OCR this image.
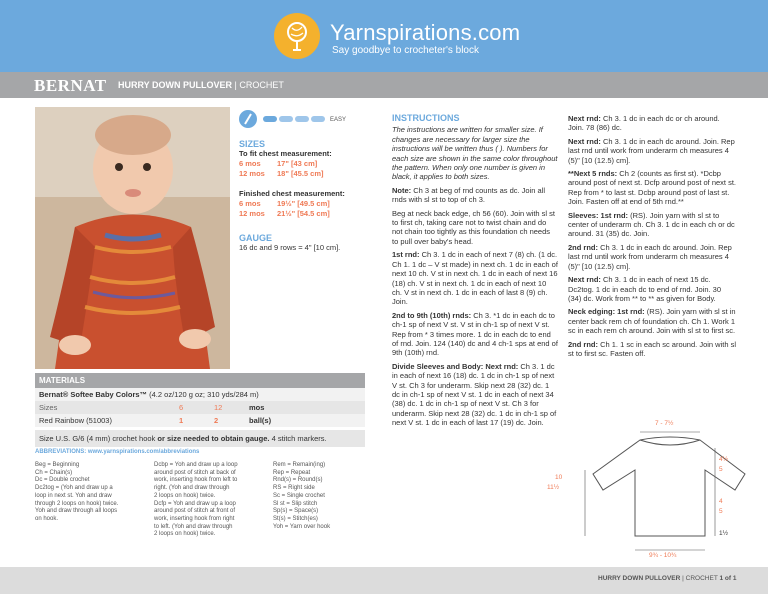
Yarnspirations.com
Say goodbye to crocheter's block
BERNAT HURRY DOWN PULLOVER | CROCHET
EASY
SIZES
To fit chest measurement:
6 mos 17" [43 cm]
12 mos 18" [45.5 cm]
Finished chest measurement:
6 mos 19½" [49.5 cm]
12 mos 21½" [54.5 cm]
GAUGE
16 dc and 9 rows = 4" [10 cm].
MATERIALS
Bernat® Softee Baby Colors™ (4.2 oz/120 g oz; 310 yds/284 m)
Sizes	6	12	mos
Red Rainbow (51003)	1	2	ball(s)
Size U.S. G/6 (4 mm) crochet hook or size needed to obtain gauge. 4 stitch markers.
ABBREVIATIONS: www.yarnspirations.com/abbreviations
Beg = Beginning
Ch = Chain(s)
Dc = Double crochet
Dc2tog = (Yoh and draw up a
loop in next st. Yoh and draw
through 2 loops on hook) twice.
Yoh and draw through all loops
on hook.
Dcbp = Yoh and draw up a loop
around post of stitch at back of
work, inserting hook from left to
right. (Yoh and draw through
2 loops on hook) twice.
Dcfp = Yoh and draw up a loop
around post of stitch at front of
work, inserting hook from right
to left. (Yoh and draw through
2 loops on hook) twice.
Rem = Remain(ing)
Rep = Repeat
Rnd(s) = Round(s)
RS = Right side
Sc = Single crochet
Sl st = Slip stitch
Sp(s) = Space(s)
St(s) = Stitch(es)
Yoh = Yarn over hook
INSTRUCTIONS

The instructions are written for smaller size. If changes are necessary for larger size the instructions will be written thus ( ). Numbers for each size are shown in the same color throughout the pattern. When only one number is given in black, it applies to both sizes.

Note: Ch 3 at beg of rnd counts as dc. Join all rnds with sl st to top of ch 3.

Beg at neck back edge, ch 56 (60). Join with sl st to first ch, taking care not to twist chain and do not chain too tightly as this foundation ch needs to pull over baby's head.

1st rnd: Ch 3. 1 dc in each of next 7 (8) ch. (1 dc. Ch 1. 1 dc – V st made) in next ch. 1 dc in each of next 10 ch. V st in next ch. 1 dc in each of next 16 (18) ch. V st in next ch. 1 dc in each of next 10 ch. V st in next ch. 1 dc in each of last 8 (9) ch. Join.

2nd to 9th (10th) rnds: Ch 3. *1 dc in each dc to ch-1 sp of next V st. V st in ch-1 sp of next V st. Rep from * 3 times more. 1 dc in each dc to end of rnd. Join. 124 (140) dc and 4 ch-1 sps at end of 9th (10th) rnd.

Divide Sleeves and Body: Next rnd: Ch 3. 1 dc in each of next 16 (18) dc. 1 dc in ch-1 sp of next V st. Ch 3 for underarm. Skip next 28 (32) dc. 1 dc in ch-1 sp of next V st. 1 dc in each of next 34 (38) dc. 1 dc in ch-1 sp of next V st. Ch 3 for underarm. Skip next 28 (32) dc. 1 dc in ch-1 sp of next V st. 1 dc in each of last 17 (19) dc. Join.

Next rnd: Ch 3. 1 dc in each dc or ch around. Join. 78 (86) dc.

Next rnd: Ch 3. 1 dc in each dc around. Join. Rep last rnd until work from underarm ch measures 4 (5)" [10 (12.5) cm].

**Next 5 rnds: Ch 2 (counts as first st). *Dcbp around post of next st. Dcfp around post of next st. Rep from * to last st. Dcbp around post of last st. Join. Fasten off at end of 5th rnd.**

Sleeves: 1st rnd: (RS). Join yarn with sl st to center of underarm ch. Ch 3. 1 dc in each ch or dc around. 31 (35) dc. Join.

2nd rnd: Ch 3. 1 dc in each dc around. Join. Rep last rnd until work from underarm ch measures 4 (5)" [10 (12.5) cm].

Next rnd: Ch 3. 1 dc in each of next 15 dc. Dc2tog. 1 dc in each dc to end of rnd. Join. 30 (34) dc. Work from ** to ** as given for Body.

Neck edging: 1st rnd: (RS). Join yarn with sl st in center back rem ch of foundation ch. Ch 1. Work 1 sc in each rem ch around. Join with sl st to first sc.

2nd rnd: Ch 1. 1 sc in each sc around. Join with sl st to first sc. Fasten off.

7 - 7½
4½
5
4
5
10
11½
1½
9¾ - 10¾
HURRY DOWN PULLOVER | CROCHET 1 of 1
